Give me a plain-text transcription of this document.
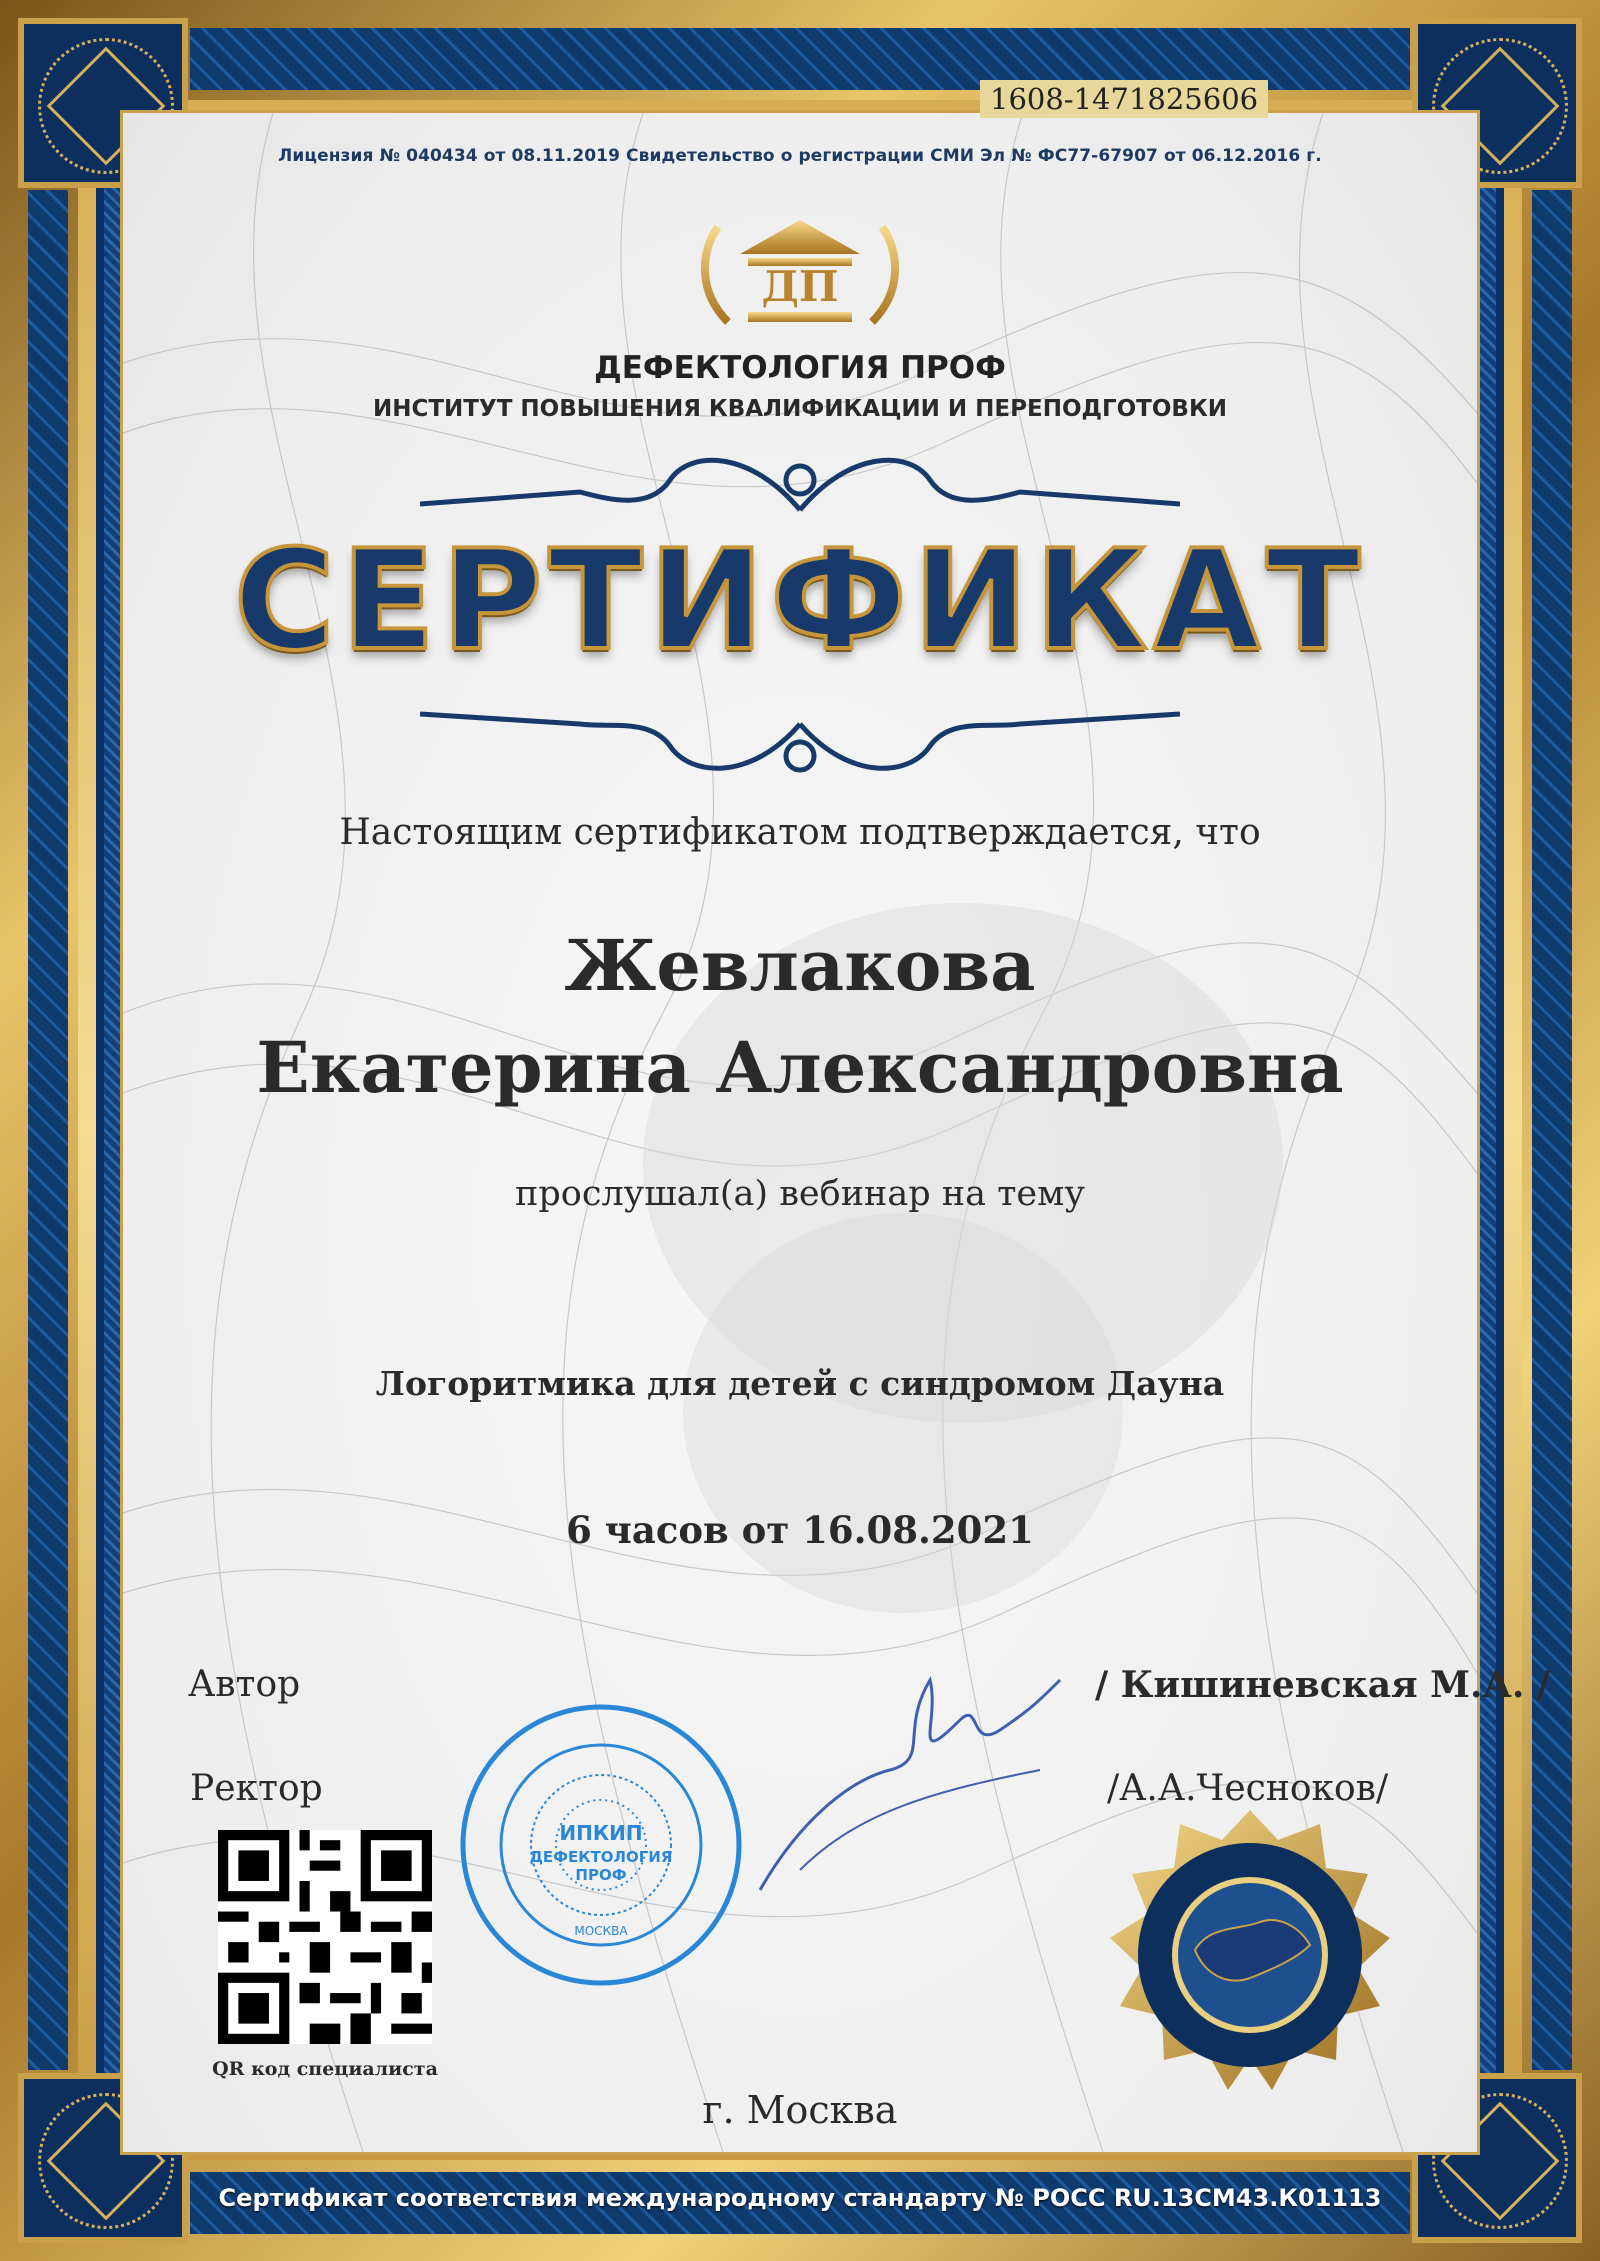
1608-1471825606
Лицензия № 040434 от 08.11.2019 Свидетельство о регистрации СМИ Эл № ФС77-67907 от 06.12.2016 г.
ДП
ДЕФЕКТОЛОГИЯ ПРОФ
ИНСТИТУТ ПОВЫШЕНИЯ КВАЛИФИКАЦИИ И ПЕРЕПОДГОТОВКИ
СЕРТИФИКАТ
Настоящим сертификатом подтверждается, что
Жевлакова
Екатерина Александровна
прослушал(а) вебинар на тему
Логоритмика для детей с синдромом Дауна
6 часов от 16.08.2021
Автор
Ректор
/ Кишиневская М.А. /
/А.А.Чесноков/
ИПКИП
ДЕФЕКТОЛОГИЯ
ПРОФ
МОСКВА
QR код специалиста
г. Москва
Сертификат соответствия международному стандарту № РОСС RU.13СМ43.К01113
